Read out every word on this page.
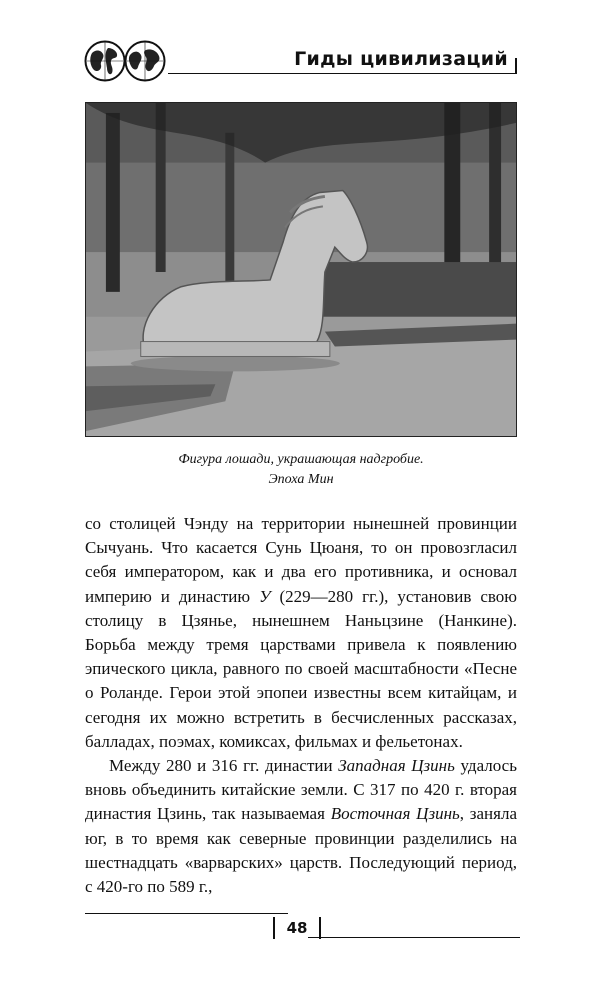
Гиды цивилизаций
Фигура лошади, украшающая надгробие.
Эпоха Мин

со столицей Чэнду на территории нынешней провинции Сычуань. Что касается Сунь Цюаня, то он провозгласил себя императором, как и два его противника, и основал империю и династию У (229—280 гг.), установив свою столицу в Цзянье, нынешнем Наньцзине (Нанкине). Борьба между тремя царствами привела к появлению эпического цикла, равного по своей масштабности «Песне о Роланде. Герои этой эпопеи известны всем китайцам, и сегодня их можно встретить в бесчисленных рассказах, балладах, поэмах, комиксах, фильмах и фельетонах.

Между 280 и 316 гг. династии Западная Цзинь удалось вновь объединить китайские земли. С 317 по 420 г. вторая династия Цзинь, так называемая Восточная Цзинь, заняла юг, в то время как северные провинции разделились на шестнадцать «варварских» царств. Последующий период, с 420-го по 589 г.,

48
